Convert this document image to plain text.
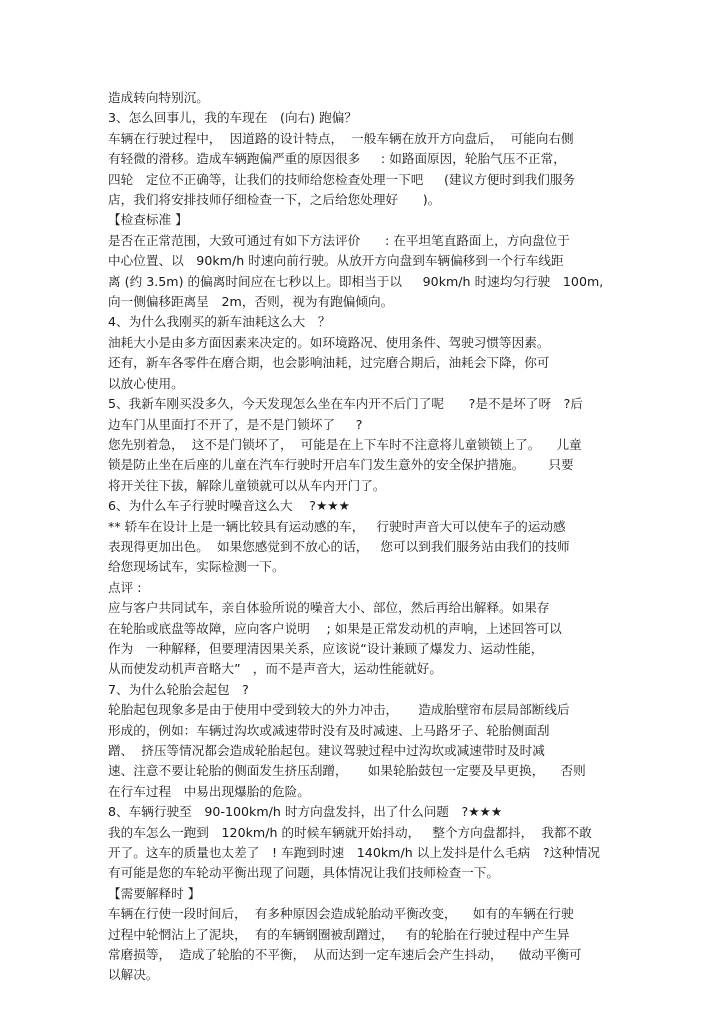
造成转向特别沉。
3、怎么回事儿，我的车现在　(向右) 跑偏？
车辆在行驶过程中，  因道路的设计特点，  一般车辆在放开方向盘后，  可能向右侧
有轻微的滑移。造成车辆跑偏严重的原因很多　  : 如路面原因，轮胎气压不正常，
四轮　定位不正确等，让我们的技师给您检查处理一下吧　  (建议方便时到我们服务
店，我们将安排技师仔细检查一下，之后给您处理好　   )。
【检查标准 】
是否在正常范围，大致可通过有如下方法评价　   : 在平坦笔直路面上，方向盘位于
中心位置、以　90km/h 时速向前行驶。从放开方向盘到车辆偏移到一个行车线距
离 (约 3.5m) 的偏离时间应在七秒以上。即相当于以　  90km/h 时速均匀行驶　100m,
向一侧偏移距离呈　2m，否则，视为有跑偏倾向。
4、为什么我刚买的新车油耗这么大　？
油耗大小是由多方面因素来决定的。如环境路况、使用条件、驾驶习惯等因素。
还有，新车各零件在磨合期，也会影响油耗，过完磨合期后，油耗会下降，你可
以放心使用。
5、我新车刚买没多久，今天发现怎么坐在车内开不后门了呢　   ?是不是坏了呀　?后
边车门从里面打不开了，是不是门锁坏了　  ?
您先别着急，  这不是门锁坏了，  可能是在上下车时不注意将儿童锁锁上了。    儿童
锁是防止坐在后座的儿童在汽车行驶时开启车门发生意外的安全保护措施。      只要
将开关往下拔，解除儿童锁就可以从车内开门了。
6、为什么车子行驶时噪音这么大　 ?★★★
** 轿车在设计上是一辆比较具有运动感的车，   行驶时声音大可以使车子的运动感
表现得更加出色。  如果您感觉到不放心的话，   您可以到我们服务站由我们的技师
给您现场试车，实际检测一下。
点评 :
应与客户共同试车，亲自体验所说的噪音大小、部位，然后再给出解释。如果存
在轮胎或底盘等故障，应向客户说明　 ; 如果是正常发动机的声响，上述回答可以
作为　一种解释，但要理清因果关系，应该说“设计兼顾了爆发力、运动性能，
从而使发动机声音略大”   ，而不是声音大，运动性能就好。
7、为什么轮胎会起包　?
轮胎起包现象多是由于使用中受到较大的外力冲击，     造成胎壁帘布层局部断线后
形成的，例如：车辆过沟坎或减速带时没有及时减速、上马路牙子、轮胎侧面刮
蹭、  挤压等情况都会造成轮胎起包。建议驾驶过程中过沟坎或减速带时及时减
速、注意不要让轮胎的侧面发生挤压刮蹭，     如果轮胎鼓包一定要及早更换，    否则
在行车过程　中易出现爆胎的危险。
8、车辆行驶至　90-100km/h 时方向盘发抖，出了什么问题　?★★★
我的车怎么一跑到　120km/h 的时候车辆就开始抖动，   整个方向盘都抖，  我都不敢
开了。这车的质量也太差了　! 车跑到时速　140km/h 以上发抖是什么毛病　?这种情况
有可能是您的车轮动平衡出现了问题，具体情况让我们技师检查一下。
【需要解释时 】
车辆在行使一段时间后，  有多种原因会造成轮胎动平衡改变，    如有的车辆在行驶
过程中轮惘沾上了泥块，  有的车辆钢圈被刮蹭过，   有的轮胎在行驶过程中产生异
常磨损等，  造成了轮胎的不平衡，  从而达到一定车速后会产生抖动，    做动平衡可
以解决。
